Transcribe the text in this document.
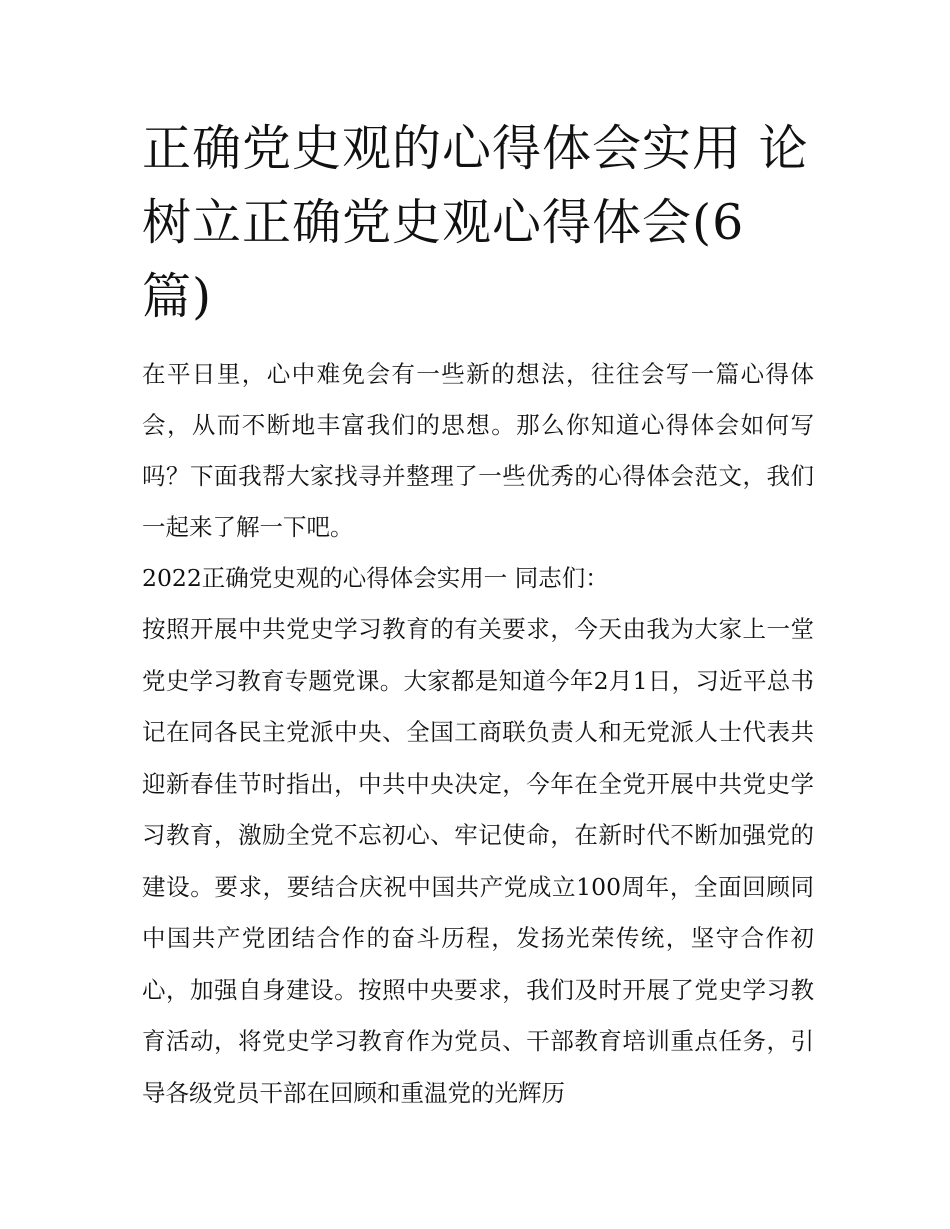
正确党史观的心得体会实用 论树立正确党史观心得体会(6篇)

在平日里，心中难免会有一些新的想法，往往会写一篇心得体会，从而不断地丰富我们的思想。那么你知道心得体会如何写吗？下面我帮大家找寻并整理了一些优秀的心得体会范文，我们一起来了解一下吧。

2022正确党史观的心得体会实用一 同志们：

按照开展中共党史学习教育的有关要求，今天由我为大家上一堂党史学习教育专题党课。大家都是知道今年2月1日，习近平总书记在同各民主党派中央、全国工商联负责人和无党派人士代表共迎新春佳节时指出，中共中央决定，今年在全党开展中共党史学习教育，激励全党不忘初心、牢记使命，在新时代不断加强党的建设。要求，要结合庆祝中国共产党成立100周年，全面回顾同中国共产党团结合作的奋斗历程，发扬光荣传统，坚守合作初心，加强自身建设。按照中央要求，我们及时开展了党史学习教育活动，将党史学习教育作为党员、干部教育培训重点任务，引导各级党员干部在回顾和重温党的光辉历
